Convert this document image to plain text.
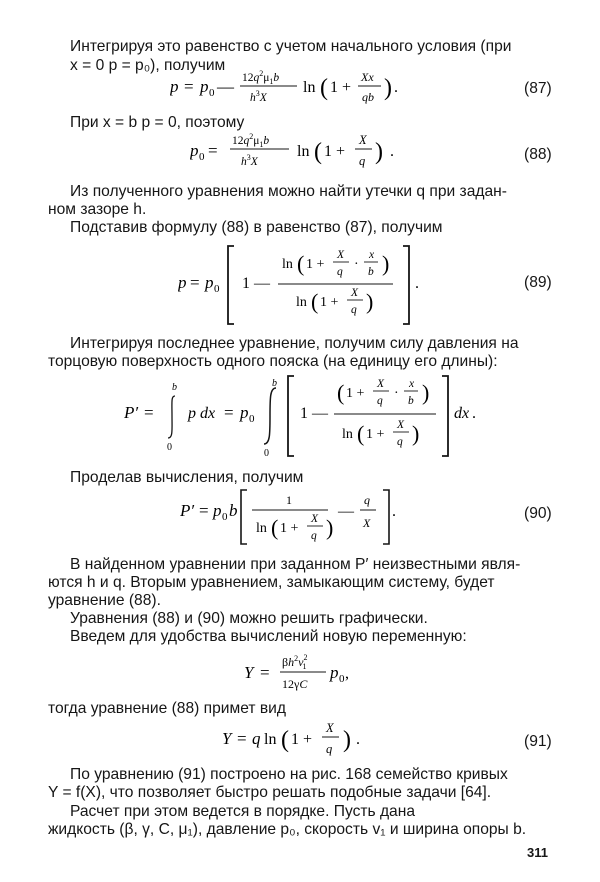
Интегрируя это равенство с учетом начального условия (при
x = 0 p = p₀), получим
p = p 0 — $12q^2\mu_1b$
$h^3X$
ln ( 1 +
Xx
qb ) .	(87)
При x = b p = 0, поэтому
p $0 = 12q^2\mu_1b$
$h^3X$
ln ( 1 +
X
q ) .	(88)
Из полученного уравнения можно найти утечки q при задан-
ном зазоре h.
Подставив формулу (88) в равенство (87), получим
p = p 0 1 —
ln ( 1 +
X
q ·
x
b )
ln ( 1 +
X
q )
.	(89)
Интегрируя последнее уравнение, получим силу давления на
торцовую поверхность одного пояска (на единицу его длины):
P′ =
b
0
p dx = p 0
b
0
1 —
( 1 +
X
q ·
x
b )
ln ( 1 +
X
q )
dx .
Проделав вычисления, получим
P′ = p 0 b
1
ln ( 1 +
X
q )
—
q
X
.	(90)
В найденном уравнении при заданном P′ неизвестными явля-
ются h и q. Вторым уравнением, замыкающим систему, будет
уравнение (88).
Уравнения (88) и (90) можно решить графически.
Введем для удобства вычислений новую переменную:
Y =
$\beta h^2v^2$ 1
12γC
p 0 ,
тогда уравнение (88) примет вид
Y = q ln ( 1 +
X
q ) .	(91)
По уравнению (91) построено на рис. 168 семейство кривых
Y = f(X), что позволяет быстро решать подобные задачи [64].
Расчет при этом ведется в порядке. Пусть дана
жидкость (β, γ, C, μ₁), давление p₀, скорость v₁ и ширина опоры b.
311
